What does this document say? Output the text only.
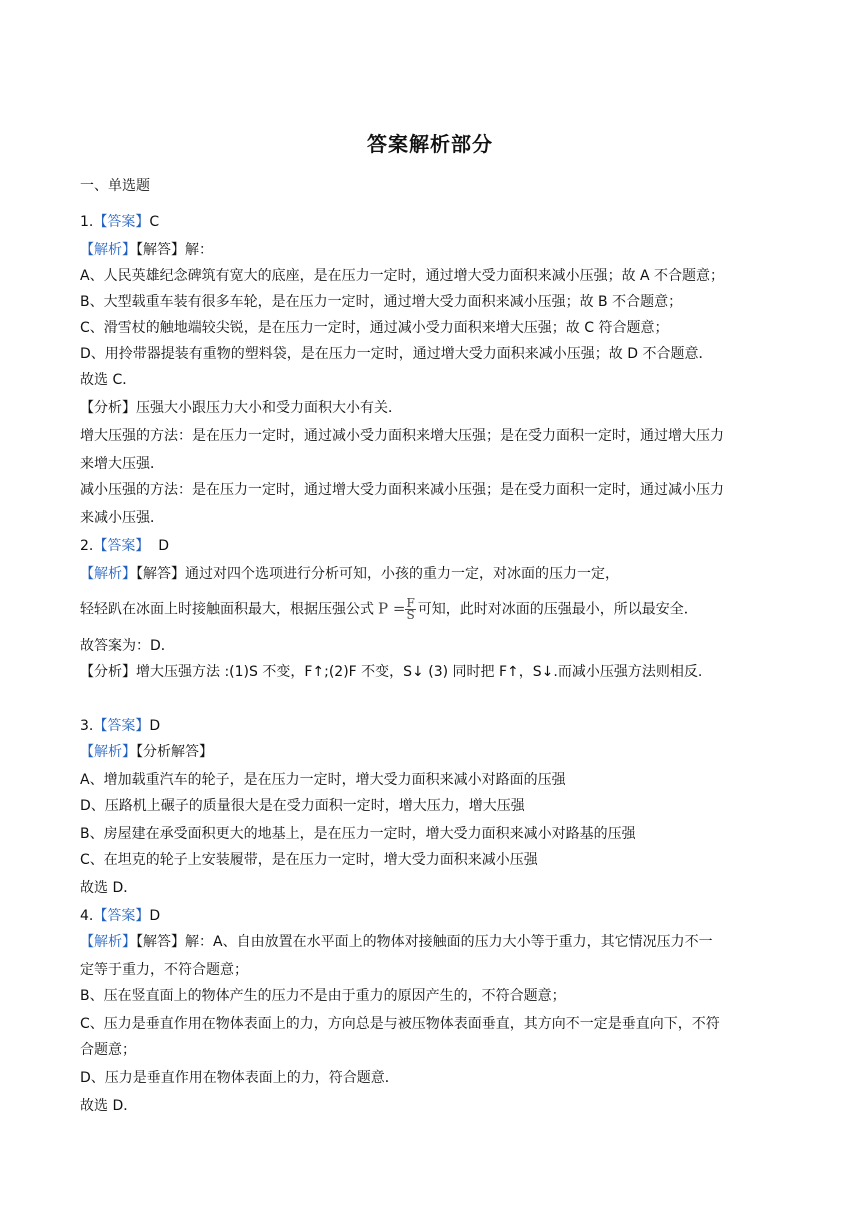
答案解析部分
一、单选题
1.【答案】C
【解析】【解答】解：
A、人民英雄纪念碑筑有宽大的底座，是在压力一定时，通过增大受力面积来减小压强；故 A 不合题意；
B、大型载重车装有很多车轮，是在压力一定时，通过增大受力面积来减小压强；故 B 不合题意；
C、滑雪杖的触地端较尖锐，是在压力一定时，通过减小受力面积来增大压强；故 C 符合题意；
D、用拎带器提装有重物的塑料袋，是在压力一定时，通过增大受力面积来减小压强；故 D 不合题意．
故选 C．
【分析】压强大小跟压力大小和受力面积大小有关．
增大压强的方法：是在压力一定时，通过减小受力面积来增大压强；是在受力面积一定时，通过增大压力
来增大压强．
减小压强的方法：是在压力一定时，通过增大受力面积来减小压强；是在受力面积一定时，通过减小压力
来减小压强．
2.【答案】 D
【解析】【解答】通过对四个选项进行分析可知，小孩的重力一定，对冰面的压力一定，
轻轻趴在冰面上时接触面积最大，根据压强公式 $P = \frac{F}{S}$ 可知，此时对冰面的压强最小，所以最安全．
故答案为：D．
【分析】增大压强方法 :(1)S 不变，F↑;(2)F 不变，S↓ (3) 同时把 F↑，S↓.而减小压强方法则相反.
3.【答案】D
【解析】【分析解答】
A、增加载重汽车的轮子，是在压力一定时，增大受力面积来减小对路面的压强
D、压路机上碾子的质量很大是在受力面积一定时，增大压力，增大压强
B、房屋建在承受面积更大的地基上，是在压力一定时，增大受力面积来减小对路基的压强
C、在坦克的轮子上安装履带，是在压力一定时，增大受力面积来减小压强
故选 D．
4.【答案】D
【解析】【解答】解：A、自由放置在水平面上的物体对接触面的压力大小等于重力，其它情况压力不一
定等于重力，不符合题意；
B、压在竖直面上的物体产生的压力不是由于重力的原因产生的，不符合题意；
C、压力是垂直作用在物体表面上的力，方向总是与被压物体表面垂直，其方向不一定是垂直向下，不符
合题意；
D、压力是垂直作用在物体表面上的力，符合题意．
故选 D．
